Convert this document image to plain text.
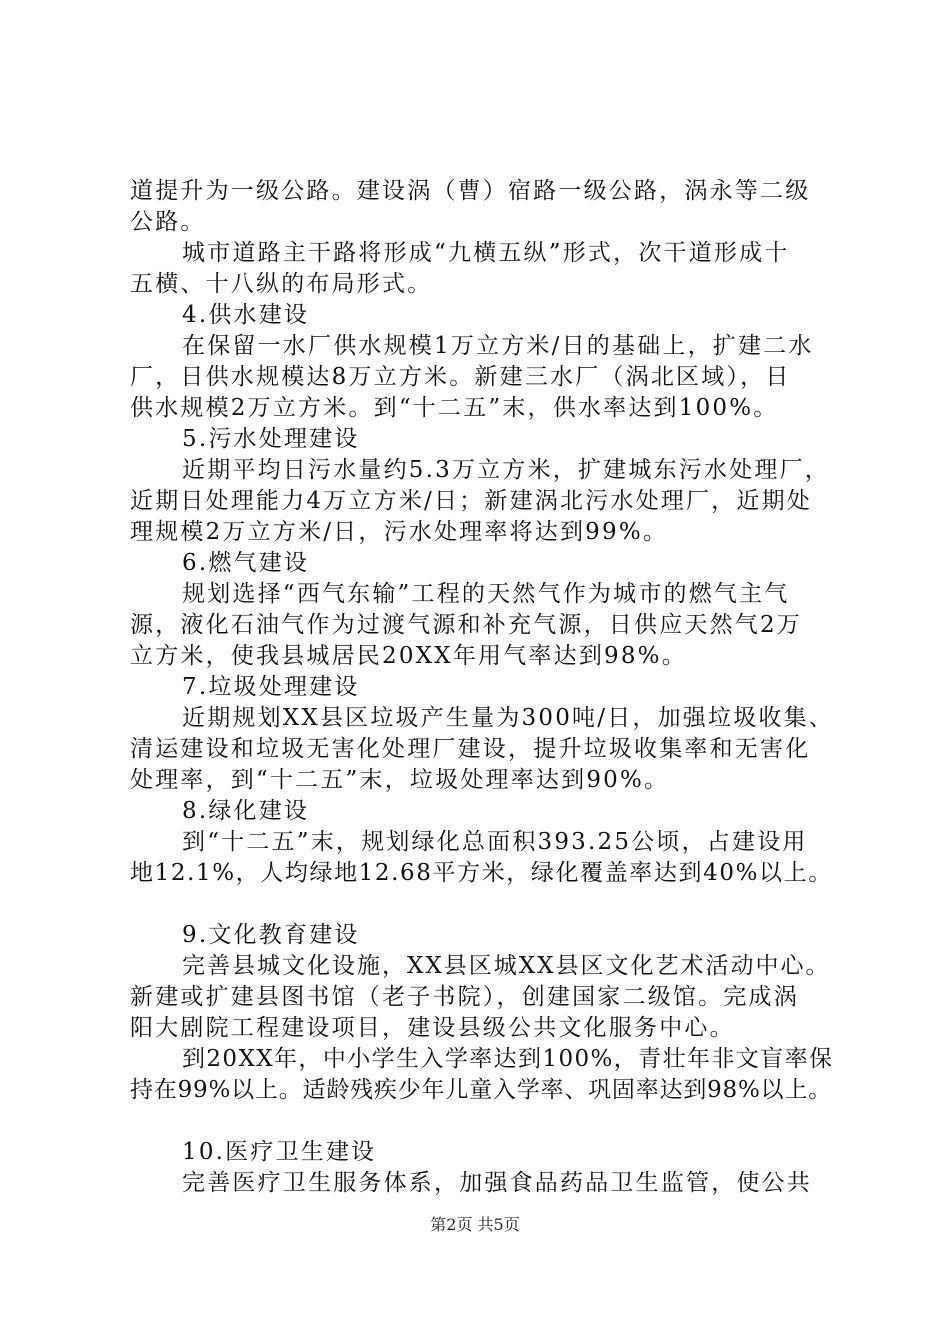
道提升为一级公路。建设涡（曹）宿路一级公路，涡永等二级
公路。
城市道路主干路将形成“九横五纵”形式，次干道形成十
五横、十八纵的布局形式。
4.供水建设
在保留一水厂供水规模1万立方米/日的基础上，扩建二水
厂，日供水规模达8万立方米。新建三水厂（涡北区域），日
供水规模2万立方米。到“十二五”末，供水率达到100%。
5.污水处理建设
近期平均日污水量约5.3万立方米，扩建城东污水处理厂，
近期日处理能力4万立方米/日；新建涡北污水处理厂，近期处
理规模2万立方米/日，污水处理率将达到99%。
6.燃气建设
规划选择“西气东输”工程的天然气作为城市的燃气主气
源，液化石油气作为过渡气源和补充气源，日供应天然气2万
立方米，使我县城居民20XX年用气率达到98%。
7.垃圾处理建设
近期规划XX县区垃圾产生量为300吨/日，加强垃圾收集、
清运建设和垃圾无害化处理厂建设，提升垃圾收集率和无害化
处理率，到“十二五”末，垃圾处理率达到90%。
8.绿化建设
到“十二五”末，规划绿化总面积393.25公顷，占建设用
地12.1%，人均绿地12.68平方米，绿化覆盖率达到40%以上。
9.文化教育建设
完善县城文化设施，XX县区城XX县区文化艺术活动中心。
新建或扩建县图书馆（老子书院），创建国家二级馆。完成涡
阳大剧院工程建设项目，建设县级公共文化服务中心。
到20XX年，中小学生入学率达到100%，青壮年非文盲率保
持在99%以上。适龄残疾少年儿童入学率、巩固率达到98%以上。
10.医疗卫生建设
完善医疗卫生服务体系，加强食品药品卫生监管，使公共
第2页 共5页
